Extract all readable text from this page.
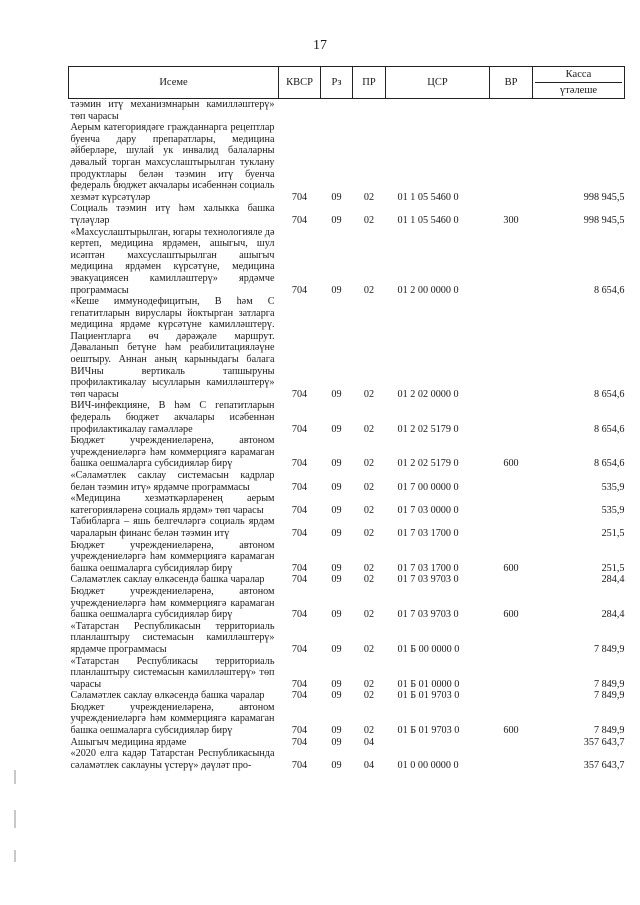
17
Исеме	КВСР	Рз	ПР	ЦСР	ВР	Касса
үтәлеше

тәэмин итү механизмнарын камилләштерү» төп чарасы						
Аерым категориядәге гражданнарга рецептлар буенча дару препаратлары, медицина әйберләре, шулай ук инвалид балаларны дәвалый торган махсуслаштырылган туклану продуктлары белән тәэмин итү буенча федераль бюджет акчалары исәбеннән социаль хезмәт күрсәтүләр	704	09	02	01 1 05 5460 0		998 945,5
Социаль тәэмин итү һәм халыкка башка түләүләр	704	09	02	01 1 05 5460 0	300	998 945,5
«Махсуслаштырылган, югары технологияле дә кертеп, медицина ярдәмен, ашыгыч, шул исәптән махсуслаштырылган ашыгыч медицина ярдәмен күрсәтүне, медицина эвакуациясен камилләштерү» ярдәмче программасы	704	09	02	01 2 00 0000 0		8 654,6
«Кеше иммунодефицитын, В һәм С гепатитларын вируслары йоктырган затларга медицина ярдәме күрсәтүне камилләштерү. Пациентларга өч дәрәҗәле маршрут. Дәваланып бетүне һәм реабилитацияләүне оештыру. Аннан аның карыныдагы балага ВИЧны вертикаль тапшыруны профилактикалау ысулларын камилләштерү» төп чарасы	704	09	02	01 2 02 0000 0		8 654,6
ВИЧ-инфекциянe, В һәм С гепатитларын федераль бюджет акчалары исәбеннән профилактикалау гамәлләре	704	09	02	01 2 02 5179 0		8 654,6
Бюджет учреждениеләренә, автоном учреждениеләргә һәм коммерциягә карамаган башка оешмаларга субсидияләр бирү	704	09	02	01 2 02 5179 0	600	8 654,6
«Сәламәтлек саклау системасын кадрлар белән тәэмин итү» ярдәмче программасы	704	09	02	01 7 00 0000 0		535,9
«Медицина хезмәткәрләренең аерым категорияләренә социаль ярдәм» төп чарасы	704	09	02	01 7 03 0000 0		535,9
Табибларга – яшь белгечләргә социаль ярдәм чараларын финанс белән тәэмин итү	704	09	02	01 7 03 1700 0		251,5
Бюджет учреждениеләренә, автоном учреждениеләргә һәм коммерциягә карамаган башка оешмаларга субсидияләр бирү	704	09	02	01 7 03 1700 0	600	251,5
Сәламәтлек саклау өлкәсендә башка чаралар	704	09	02	01 7 03 9703 0		284,4
Бюджет учреждениеләренә, автоном учреждениеләргә һәм коммерциягә карамаган башка оешмаларга субсидияләр бирү	704	09	02	01 7 03 9703 0	600	284,4
«Татарстан Республикасын территориаль планлаштыру системасын камилләштерү» ярдәмче программасы	704	09	02	01 Б 00 0000 0		7 849,9
«Татарстан Республикасы территориаль планлаштыру системасын камилләштерү» төп чарасы	704	09	02	01 Б 01 0000 0		7 849,9
Сәламәтлек саклау өлкәсендә башка чаралар	704	09	02	01 Б 01 9703 0		7 849,9
Бюджет учреждениеләренә, автоном учреждениеләргә һәм коммерциягә карамаган башка оешмаларга субсидияләр бирү	704	09	02	01 Б 01 9703 0	600	7 849,9
Ашыгыч медицина ярдәме	704	09	04			357 643,7
«2020 елга кадәр Татарстан Республикасында сәламәтлек саклауны үстерү» дәүләт про-	704	09	04	01 0 00 0000 0		357 643,7
